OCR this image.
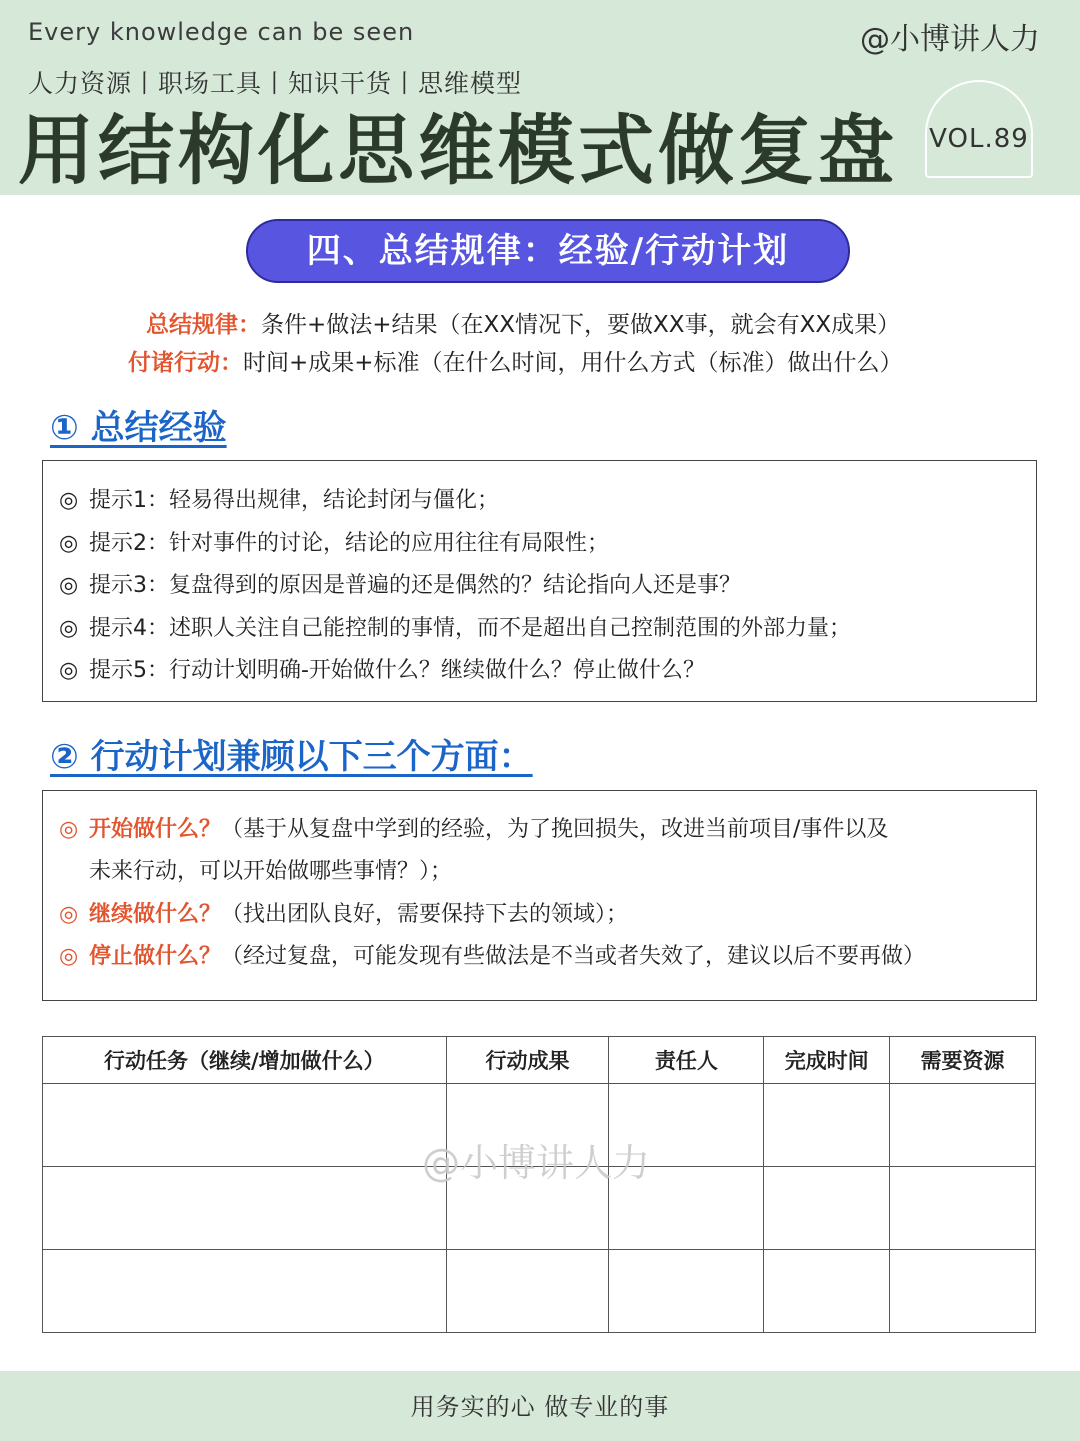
Every knowledge can be seen	@小博讲人力
人力资源丨职场工具丨知识干货丨思维模型
用结构化思维模式做复盘 VOL.89
四、总结规律：经验/行动计划
总结规律：条件+做法+结果（在XX情况下，要做XX事，就会有XX成果）
付诸行动：时间+成果+标准（在什么时间，用什么方式（标准）做出什么）
① 总结经验
◎ 提示1：轻易得出规律，结论封闭与僵化；
◎ 提示2：针对事件的讨论，结论的应用往往有局限性；
◎ 提示3：复盘得到的原因是普遍的还是偶然的？结论指向人还是事？
◎ 提示4：述职人关注自己能控制的事情，而不是超出自己控制范围的外部力量；
◎ 提示5：行动计划明确-开始做什么？继续做什么？停止做什么？
② 行动计划兼顾以下三个方面：
◎ 开始做什么？（基于从复盘中学到的经验，为了挽回损失，改进当前项目/事件以及
未来行动，可以开始做哪些事情？）；
◎ 继续做什么？（找出团队良好，需要保持下去的领域）；
◎ 停止做什么？（经过复盘，可能发现有些做法是不当或者失效了，建议以后不要再做）
行动任务（继续/增加做什么）	行动成果	责任人	完成时间	需要资源

@小博讲人力
用务实的心 做专业的事
